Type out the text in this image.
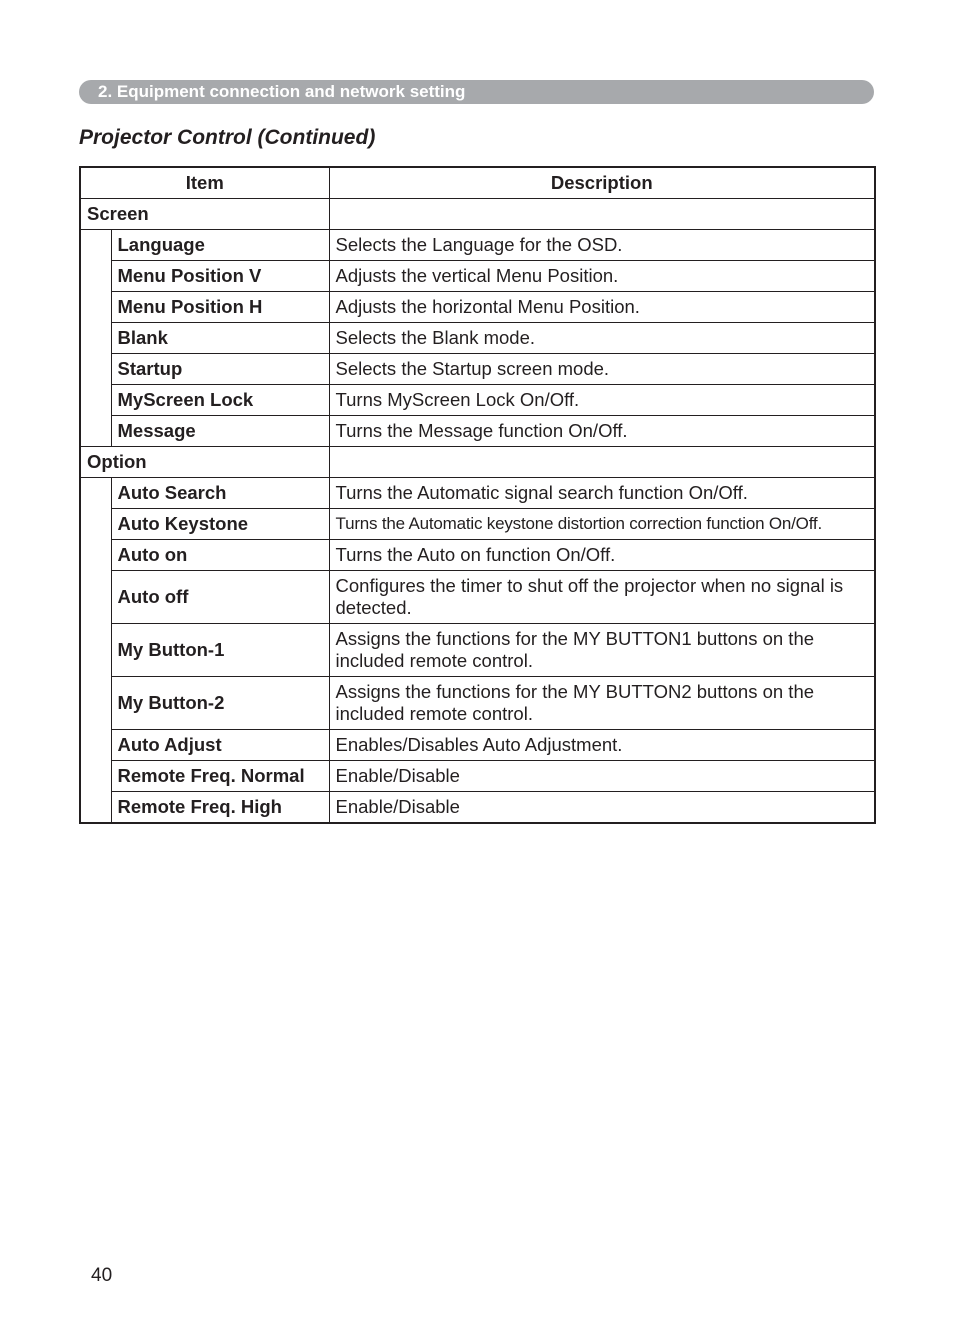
2. Equipment connection and network setting
Projector Control (Continued)
Item		Description
Screen		
	Language	Selects the Language for the OSD.
	Menu Position V	Adjusts the vertical Menu Position.
	Menu Position H	Adjusts the horizontal Menu Position.
	Blank	Selects the Blank mode.
	Startup	Selects the Startup screen mode.
	MyScreen Lock	Turns MyScreen Lock On/Off.
	Message	Turns the Message function On/Off.
Option		
	Auto Search	Turns the Automatic signal search function On/Off.
	Auto Keystone	Turns the Automatic keystone distortion correction function On/Off.
	Auto on	Turns the Auto on function On/Off.
	Auto off	Configures the timer to shut off the projector when no signal is detected.
	My Button-1	Assigns the functions for the MY BUTTON1 buttons on the included remote control.
	My Button-2	Assigns the functions for the MY BUTTON2 buttons on the included remote control.
	Auto Adjust	Enables/Disables Auto Adjustment.
	Remote Freq. Normal	Enable/Disable
	Remote Freq. High	Enable/Disable
40
